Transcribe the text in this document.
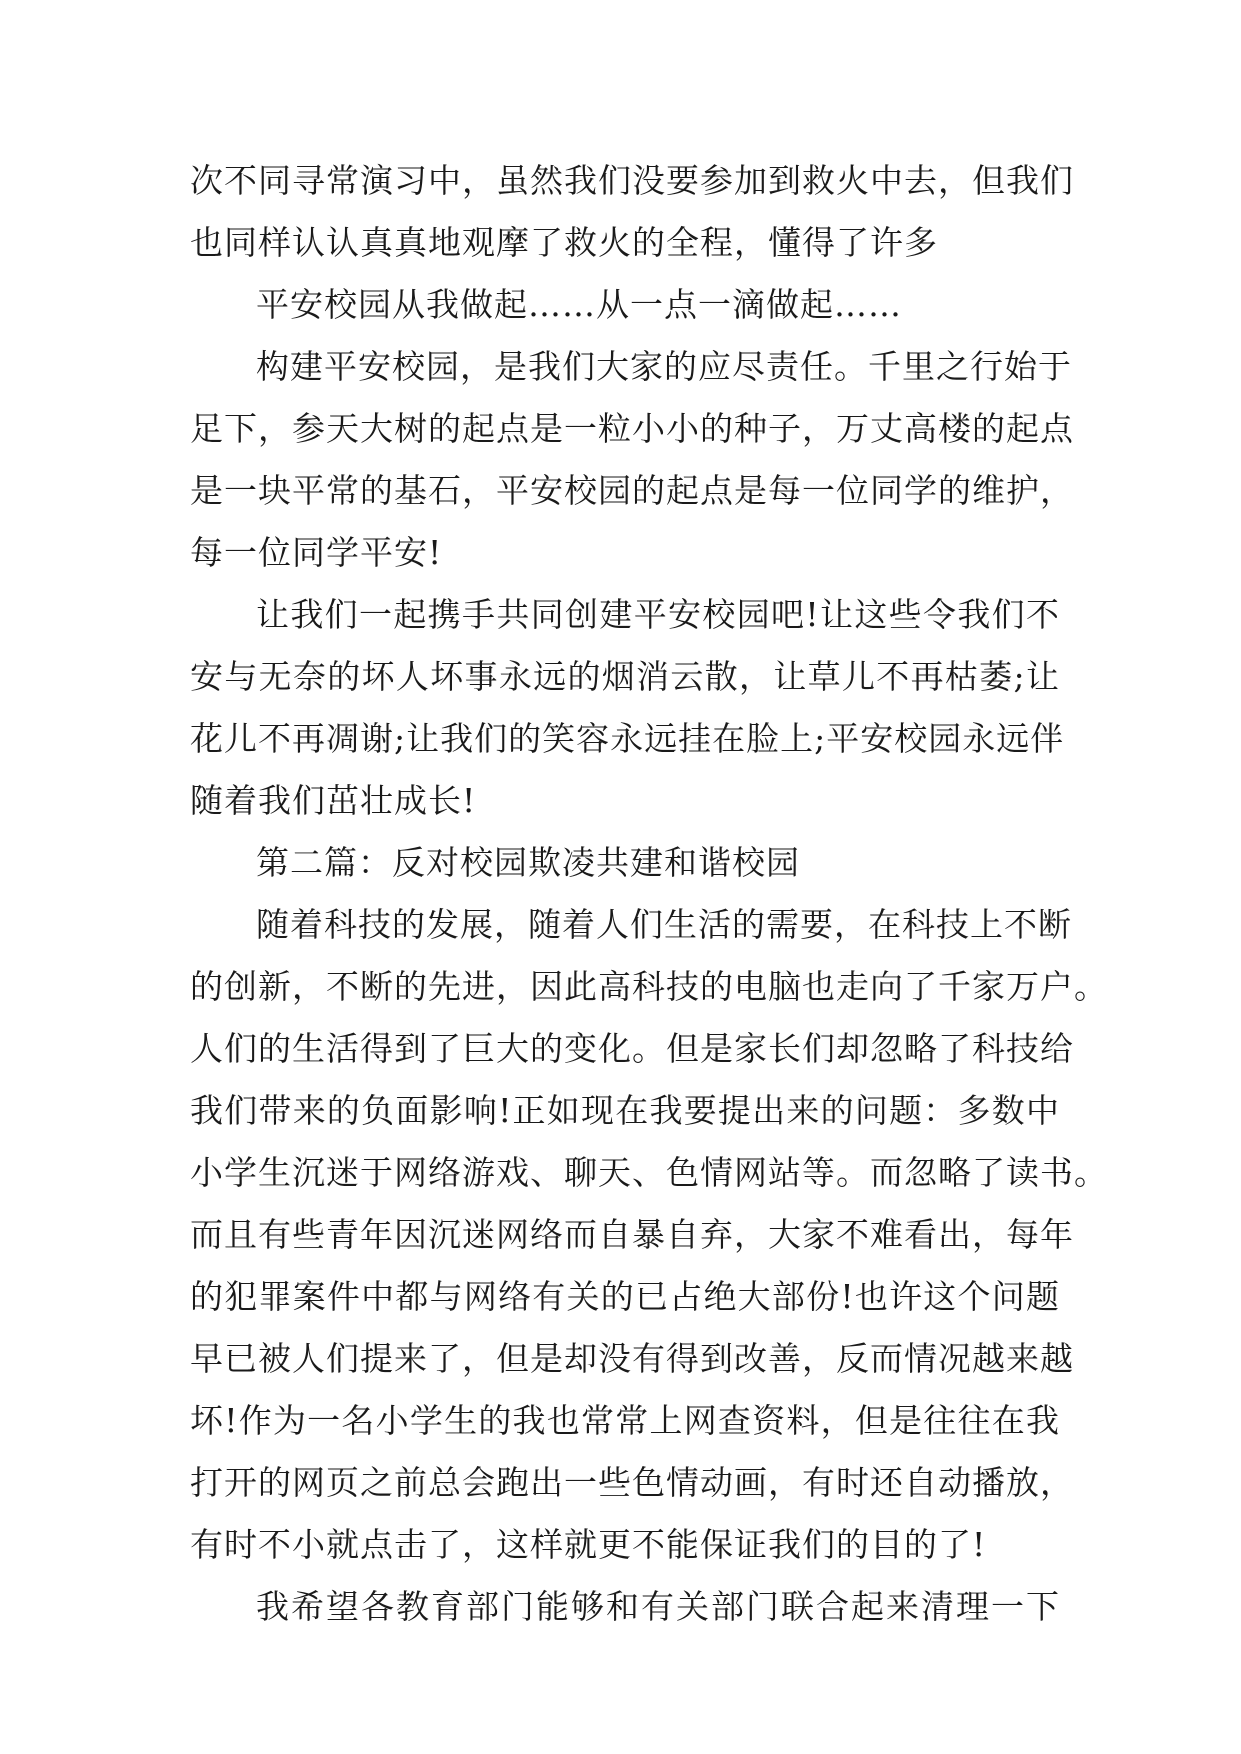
次不同寻常演习中，虽然我们没要参加到救火中去，但我们
也同样认认真真地观摩了救火的全程，懂得了许多
平安校园从我做起……从一点一滴做起……
构建平安校园，是我们大家的应尽责任。千里之行始于
足下，参天大树的起点是一粒小小的种子，万丈高楼的起点
是一块平常的基石，平安校园的起点是每一位同学的维护，
每一位同学平安!
让我们一起携手共同创建平安校园吧!让这些令我们不
安与无奈的坏人坏事永远的烟消云散，让草儿不再枯萎;让
花儿不再凋谢;让我们的笑容永远挂在脸上;平安校园永远伴
随着我们茁壮成长!
第二篇：反对校园欺凌共建和谐校园
随着科技的发展，随着人们生活的需要，在科技上不断
的创新，不断的先进，因此高科技的电脑也走向了千家万户。
人们的生活得到了巨大的变化。但是家长们却忽略了科技给
我们带来的负面影响!正如现在我要提出来的问题：多数中
小学生沉迷于网络游戏、聊天、色情网站等。而忽略了读书。
而且有些青年因沉迷网络而自暴自弃，大家不难看出，每年
的犯罪案件中都与网络有关的已占绝大部份!也许这个问题
早已被人们提来了，但是却没有得到改善，反而情况越来越
坏!作为一名小学生的我也常常上网查资料，但是往往在我
打开的网页之前总会跑出一些色情动画，有时还自动播放，
有时不小就点击了，这样就更不能保证我们的目的了!
我希望各教育部门能够和有关部门联合起来清理一下
